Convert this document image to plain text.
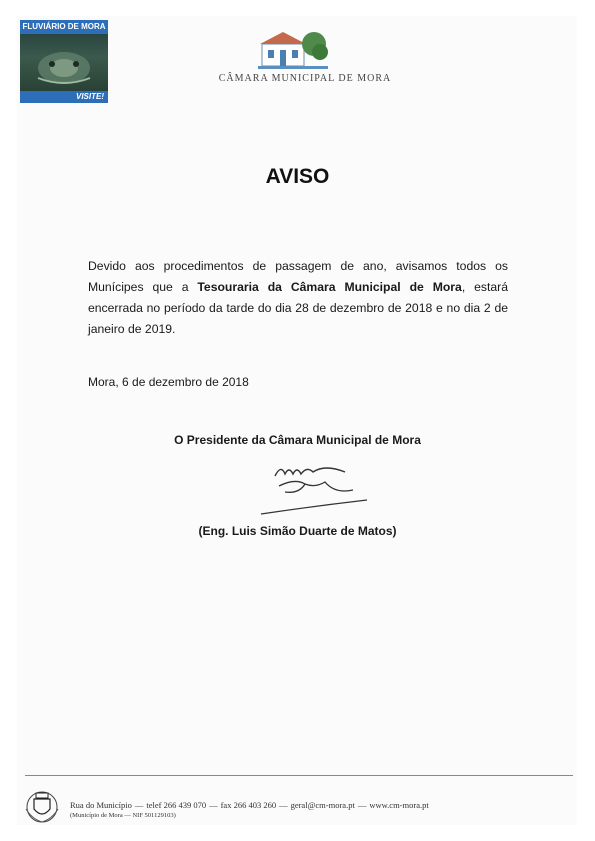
FLUVIÁRIO DE MORA
VISITE!
CÂMARA MUNICIPAL DE MORA
AVISO
Devido aos procedimentos de passagem de ano, avisamos todos os Munícipes que a Tesouraria da Câmara Municipal de Mora, estará encerrada no período da tarde do dia 28 de dezembro de 2018 e no dia 2 de janeiro de 2019.
Mora, 6 de dezembro de 2018
O Presidente da Câmara Municipal de Mora
(Eng. Luis Simão Duarte de Matos)
Rua do Município — telef 266 439 070 — fax 266 403 260 — geral@cm-mora.pt — www.cm-mora.pt
(Município de Mora — NIF 501129103)
